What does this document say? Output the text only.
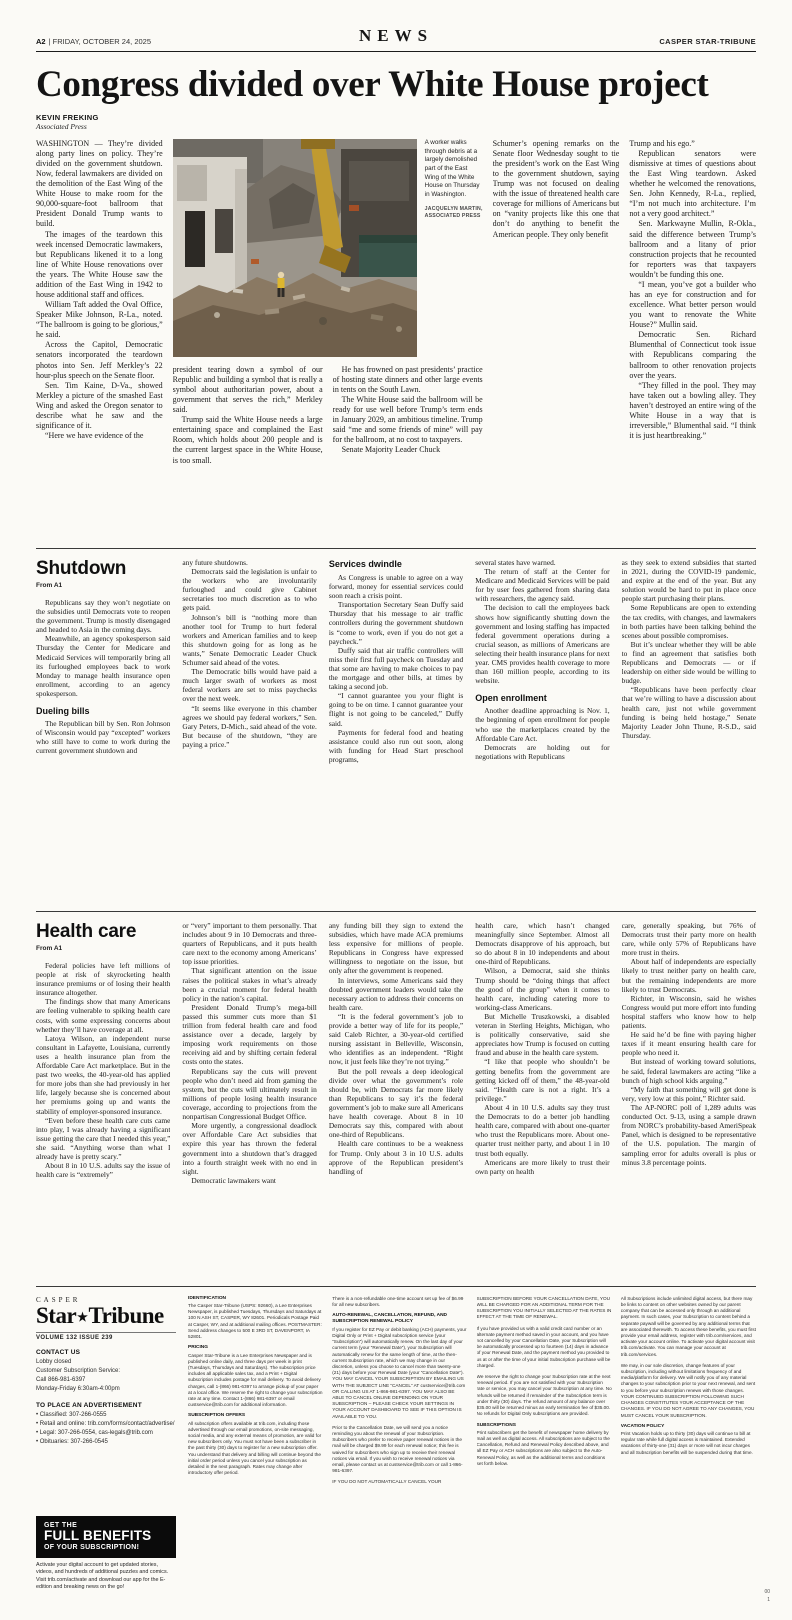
A2 | FRIDAY, OCTOBER 24, 2025	NEWS	CASPER STAR-TRIBUNE
Congress divided over White House project
KEVIN FREKING
Associated Press

WASHINGTON — They’re divided along party lines on policy. They’re divided on the government shutdown. Now, federal lawmakers are divided on the demolition of the East Wing of the White House to make room for the 90,000-square-foot ballroom that President Donald Trump wants to build.

The images of the teardown this week incensed Democratic lawmakers, but Republicans likened it to a long line of White House renovations over the years. The White House saw the addition of the East Wing in 1942 to house additional staff and offices.

William Taft added the Oval Office, Speaker Mike Johnson, R-La., noted. “The ballroom is going to be glorious,” he said.

Across the Capitol, Democratic senators incorporated the teardown photos into Sen. Jeff Merkley’s 22 hour-plus speech on the Senate floor.

Sen. Tim Kaine, D-Va., showed Merkley a picture of the smashed East Wing and asked the Oregon senator to describe what he saw and the significance of it.

“Here we have evidence of the

A worker walks through debris at a largely demolished part of the East Wing of the White House on Thursday in Washington.

JACQUELYN MARTIN, ASSOCIATED PRESS

president tearing down a symbol of our Republic and building a symbol that is really a symbol about authoritarian power, about a government that serves the rich,” Merkley said.

Trump said the White House needs a large entertaining space and complained the East Room, which holds about 200 people and is the current largest space in the White House, is too small.

He has frowned on past presidents’ practice of hosting state dinners and other large events in tents on the South Lawn.

The White House said the ballroom will be ready for use well before Trump’s term ends in January 2029, an ambitious timeline. Trump said “me and some friends of mine” will pay for the ballroom, at no cost to taxpayers.

Senate Majority Leader Chuck

Schumer’s opening remarks on the Senate floor Wednesday sought to tie the president’s work on the East Wing to the government shutdown, saying Trump was not focused on dealing with the issue of threatened health care coverage for millions of Americans but on “vanity projects like this one that don’t do anything to benefit the American people. They only benefit

Trump and his ego.”

Republican senators were dismissive at times of questions about the East Wing teardown. Asked whether he welcomed the renovations, Sen. John Kennedy, R-La., replied, “I’m not much into architecture. I’m not a very good architect.”

Sen. Markwayne Mullin, R-Okla., said the difference between Trump’s ballroom and a litany of prior construction projects that he recounted for reporters was that taxpayers wouldn’t be funding this one.

“I mean, you’ve got a builder who has an eye for construction and for excellence. What better person would you want to renovate the White House?” Mullin said.

Democratic Sen. Richard Blumenthal of Connecticut took issue with Republicans comparing the ballroom to other renovation projects over the years.

“They filled in the pool. They may have taken out a bowling alley. They haven’t destroyed an entire wing of the White House in a way that is irreversible,” Blumenthal said. “I think it is just heartbreaking.”

Shutdown
From A1

Republicans say they won’t negotiate on the subsidies until Democrats vote to reopen the government. Trump is mostly disengaged and headed to Asia in the coming days.

Meanwhile, an agency spokesperson said Thursday the Center for Medicare and Medicaid Services will temporarily bring all its furloughed employees back to work Monday to manage health insurance open enrollment, according to an agency spokesperson.

Dueling bills

The Republican bill by Sen. Ron Johnson of Wisconsin would pay “excepted” workers who still have to come to work during the current government shutdown and

any future shutdowns.

Democrats said the legislation is unfair to the workers who are involuntarily furloughed and could give Cabinet secretaries too much discretion as to who gets paid.

Johnson’s bill is “nothing more than another tool for Trump to hurt federal workers and American families and to keep this shutdown going for as long as he wants,” Senate Democratic Leader Chuck Schumer said ahead of the votes.

The Democratic bills would have paid a much larger swath of workers as most federal workers are set to miss paychecks over the next week.

“It seems like everyone in this chamber agrees we should pay federal workers,” Sen. Gary Peters, D-Mich., said ahead of the vote. But because of the shutdown, “they are paying a price.”

Services dwindle

As Congress is unable to agree on a way forward, money for essential services could soon reach a crisis point.

Transportation Secretary Sean Duffy said Thursday that his message to air traffic controllers during the government shutdown is “come to work, even if you do not get a paycheck.”

Duffy said that air traffic controllers will miss their first full paycheck on Tuesday and that some are having to make choices to pay the mortgage and other bills, at times by taking a second job.

“I cannot guarantee you your flight is going to be on time. I cannot guarantee your flight is not going to be canceled,” Duffy said.

Payments for federal food and heating assistance could also run out soon, along with funding for Head Start preschool programs,

several states have warned.

The return of staff at the Center for Medicare and Medicaid Services will be paid for by user fees gathered from sharing data with researchers, the agency said.

The decision to call the employees back shows how significantly shutting down the government and losing staffing has impacted federal government operations during a crucial season, as millions of Americans are selecting their health insurance plans for next year. CMS provides health coverage to more than 160 million people, according to its website.

Open enrollment

Another deadline approaching is Nov. 1, the beginning of open enrollment for people who use the marketplaces created by the Affordable Care Act.

Democrats are holding out for negotiations with Republicans

as they seek to extend subsidies that started in 2021, during the COVID-19 pandemic, and expire at the end of the year. But any solution would be hard to put in place once people start purchasing their plans.

Some Republicans are open to extending the tax credits, with changes, and lawmakers in both parties have been talking behind the scenes about possible compromises.

But it’s unclear whether they will be able to find an agreement that satisfies both Republicans and Democrats — or if leadership on either side would be willing to budge.

“Republicans have been perfectly clear that we’re willing to have a discussion about health care, just not while government funding is being held hostage,” Senate Majority Leader John Thune, R-S.D., said Thursday.

Health care
From A1

Federal policies have left millions of people at risk of skyrocketing health insurance premiums or of losing their health insurance altogether.

The findings show that many Americans are feeling vulnerable to spiking health care costs, with some expressing concerns about whether they’ll have coverage at all.

Latoya Wilson, an independent nurse consultant in Lafayette, Louisiana, currently uses a health insurance plan from the Affordable Care Act marketplace. But in the past two weeks, the 40-year-old has applied for more jobs than she had previously in her life, largely because she is concerned about her premiums going up and wants the stability of employer-sponsored insurance.

“Even before these health care cuts came into play, I was already having a significant issue getting the care that I needed this year,” she said. “Anything worse than what I already have is pretty scary.”

About 8 in 10 U.S. adults say the issue of health care is “extremely”

or “very” important to them personally. That includes about 9 in 10 Democrats and three-quarters of Republicans, and it puts health care next to the economy among Americans’ top issue priorities.

That significant attention on the issue raises the political stakes in what’s already been a crucial moment for federal health policy in the nation’s capital.

President Donald Trump’s mega-bill passed this summer cuts more than $1 trillion from federal health care and food assistance over a decade, largely by imposing work requirements on those receiving aid and by shifting certain federal costs onto the states.

Republicans say the cuts will prevent people who don’t need aid from gaming the system, but the cuts will ultimately result in millions of people losing health insurance coverage, according to projections from the nonpartisan Congressional Budget Office.

More urgently, a congressional deadlock over Affordable Care Act subsidies that expire this year has thrown the federal government into a shutdown that’s dragged into a fourth straight week with no end in sight.

Democratic lawmakers want

any funding bill they sign to extend the subsidies, which have made ACA premiums less expensive for millions of people. Republicans in Congress have expressed willingness to negotiate on the issue, but only after the government is reopened.

In interviews, some Americans said they doubted government leaders would take the necessary action to address their concerns on health care.

“It is the federal government’s job to provide a better way of life for its people,” said Caleb Richter, a 30-year-old certified nursing assistant in Belleville, Wisconsin, who identifies as an independent. “Right now, it just feels like they’re not trying.”

But the poll reveals a deep ideological divide over what the government’s role should be, with Democrats far more likely than Republicans to say it’s the federal government’s job to make sure all Americans have health coverage. About 8 in 10 Democrats say this, compared with about one-third of Republicans.

Health care continues to be a weakness for Trump. Only about 3 in 10 U.S. adults approve of the Republican president’s handling of

health care, which hasn’t changed meaningfully since September. Almost all Democrats disapprove of his approach, but so do about 8 in 10 independents and about one-third of Republicans.

Wilson, a Democrat, said she thinks Trump should be “doing things that affect the good of the group” when it comes to health care, including catering more to working-class Americans.

But Michelle Truszkowski, a disabled veteran in Sterling Heights, Michigan, who is politically conservative, said she appreciates how Trump is focused on cutting fraud and abuse in the health care system.

“I like that people who shouldn’t be getting benefits from the government are getting kicked off of them,” the 48-year-old said. “Health care is not a right. It’s a privilege.”

About 4 in 10 U.S. adults say they trust the Democrats to do a better job handling health care, compared with about one-quarter who trust the Republicans more. About one-quarter trust neither party, and about 1 in 10 trust both equally.

Americans are more likely to trust their own party on health

care, generally speaking, but 76% of Democrats trust their party more on health care, while only 57% of Republicans have more trust in theirs.

About half of independents are especially likely to trust neither party on health care, but the remaining independents are more likely to trust Democrats.

Richter, in Wisconsin, said he wishes Congress would put more effort into funding hospital staffers who know how to help patients.

He said he’d be fine with paying higher taxes if it meant ensuring health care for people who need it.

But instead of working toward solutions, he said, federal lawmakers are acting “like a bunch of high school kids arguing.”

“My faith that something will get done is very, very low at this point,” Richter said.

The AP-NORC poll of 1,289 adults was conducted Oct. 9-13, using a sample drawn from NORC’s probability-based AmeriSpeak Panel, which is designed to be representative of the U.S. population. The margin of sampling error for adults overall is plus or minus 3.8 percentage points.

CASPER
Star★Tribune
VOLUME 132 ISSUE 239
CONTACT US
Lobby closed
Customer Subscription Service:
Call 866-981-6397
Monday-Friday 6:30am-4:00pm
TO PLACE AN ADVERTISEMENT
• Classified: 307-266-0555
• Retail and online: trib.com/forms/contact/advertise/
• Legal: 307-266-0554, cas-legals@trib.com
• Obituaries: 307-266-0545
GET THE
FULL BENEFITS
OF YOUR SUBSCRIPTION!

Activate your digital account to get updated stories, videos, and hundreds of additional puzzles and comics. Visit trib.com/activate and download our app for the E-edition and breaking news on the go!

IDENTIFICATION
The Casper Star-Tribune (USPS: 92660), a Lee Enterprises Newspaper, is published Tuesdays, Thursdays and Saturdays at 100 N ASH ST, CASPER, WY 82601. Periodicals Postage Paid at Casper, WY, and at additional mailing offices. POSTMASTER: Send address changes to 500 E 3RD ST, DAVENPORT, IA 52801.
PRICING
Casper Star-Tribune is a Lee Enterprises Newspaper and is published online daily, and three days per week in print (Tuesdays, Thursdays and Saturdays). The subscription price includes all applicable sales tax, and a Print + Digital subscription includes postage for mail delivery. To avoid delivery charges, call 1-(866) 981-6397 to arrange pickup of your paper at a local office. We reserve the right to change your subscription rate at any time. Contact 1-(866) 981-6397 or email custservice@trib.com for additional information.
SUBSCRIPTION OFFERS
All subscription offers available at trib.com, including those advertised through our email promotions, on-site messaging, social media, and any external means of promotion, are valid for new subscribers only. You must not have been a subscriber in the past thirty (30) days to register for a new subscription offer. You understand that delivery and billing will continue beyond the initial order period unless you cancel your subscription as detailed in the next paragraph. Rates may change after introductory offer period.
There is a non-refundable one-time account set up fee of $6.99 for all new subscribers.
AUTO-RENEWAL, CANCELLATION, REFUND, AND SUBSCRIPTION RENEWAL POLICY
If you register for EZ Pay or debit banking (ACH) payments, your Digital Only or Print + Digital subscription service (your “Subscription”) will automatically renew. On the last day of your current term (your “Renewal Date”), your Subscription will automatically renew for the same length of time, at the then-current Subscription rate, which we may change in our discretion, unless you choose to cancel more than twenty-one (21) days before your Renewal Date (your “Cancellation Date”). YOU MAY CANCEL YOUR SUBSCRIPTION BY EMAILING US WITH THE SUBJECT LINE “CANCEL” AT custservice@trib.com OR CALLING US AT 1-866-981-6397. YOU MAY ALSO BE ABLE TO CANCEL ONLINE DEPENDING ON YOUR SUBSCRIPTION – PLEASE CHECK YOUR SETTINGS IN YOUR ACCOUNT DASHBOARD TO SEE IF THIS OPTION IS AVAILABLE TO YOU.
Prior to the Cancellation Date, we will send you a notice reminding you about the renewal of your Subscription. Subscribers who prefer to receive paper renewal notices in the mail will be charged $9.99 for each renewal notice; this fee is waived for subscribers who sign up to receive their renewal notices via email. If you wish to receive renewal notices via email, please contact us at custservice@trib.com or call 1-866-981-6397.
IF YOU DO NOT AUTOMATICALLY CANCEL YOUR
SUBSCRIPTION BEFORE YOUR CANCELLATION DATE, YOU WILL BE CHARGED FOR AN ADDITIONAL TERM FOR THE SUBSCRIPTION YOU INITIALLY SELECTED AT THE RATES IN EFFECT AT THE TIME OF RENEWAL.
If you have provided us with a valid credit card number or an alternate payment method saved in your account, and you have not cancelled by your Cancellation Date, your Subscription will be automatically processed up to fourteen (14) days in advance of your Renewal Date, and the payment method you provided to us at or after the time of your initial Subscription purchase will be charged.
We reserve the right to change your Subscription rate at the next renewal period. If you are not satisfied with your Subscription rate or service, you may cancel your Subscription at any time. No refunds will be returned if remainder of the Subscription term is under thirty (30) days. The refund amount of any balance over $35.00 will be returned minus an early termination fee of $35.00. No refunds for Digital Only subscriptions are provided.
SUBSCRIPTIONS
Print subscribers get the benefit of newspaper home delivery by mail as well as digital access. All subscriptions are subject to the Cancellation, Refund and Renewal Policy described above, and all EZ Pay or ACH subscriptions are also subject to the Auto-Renewal Policy, as well as the additional terms and conditions set forth below.
All Subscriptions include unlimited digital access, but there may be links to content on other websites owned by our parent company that can be accessed only through an additional payment. In such cases, your Subscription to content behind a separate paywall will be governed by any additional terms that are associated therewith. To access these benefits, you must first provide your email address, register with trib.com/services, and activate your account online. To activate your digital account visit trib.com/activate. You can manage your account at trib.com/services.
We may, in our sole discretion, change features of your subscription, including without limitations frequency of and media/platform for delivery. We will notify you of any material changes to your subscription prior to your next renewal, and sent to you before your subscription renews with those changes. YOUR CONTINUED SUBSCRIPTION FOLLOWING SUCH CHANGES CONSTITUTES YOUR ACCEPTANCE OF THE CHANGES. IF YOU DO NOT AGREE TO ANY CHANGES, YOU MUST CANCEL YOUR SUBSCRIPTION.
VACATION POLICY
Print Vacation holds up to thirty (30) days will continue to bill at regular rate while full digital access is maintained. Extended vacations of thirty-one (31) days or more will not incur charges and all Subscription benefits will be suspended during that time.
00
1
